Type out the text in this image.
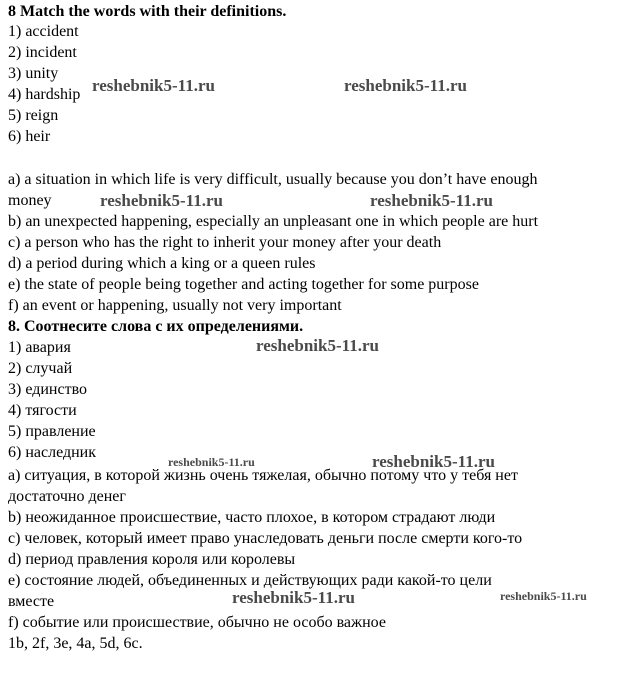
8 Match the words with their definitions.
1) accident
2) incident
3) unity
4) hardship
5) reign
6) heir
a) a situation in which life is very difficult, usually because you don’t have enough
money
b) an unexpected happening, especially an unpleasant one in which people are hurt
c) a person who has the right to inherit your money after your death
d) a period during which a king or a queen rules
e) the state of people being together and acting together for some purpose
f) an event or happening, usually not very important
8. Соотнесите слова с их определениями.
1) авария
2) случай
3) единство
4) тягости
5) правление
6) наследник
a) ситуация, в которой жизнь очень тяжелая, обычно потому что у тебя нет
достаточно денег
b) неожиданное происшествие, часто плохое, в котором страдают люди
c) человек, который имеет право унаследовать деньги после смерти кого-то
d) период правления короля или королевы
e) состояние людей, объединенных и действующих ради какой-то цели
вместе
f) событие или происшествие, обычно не особо важное
1b, 2f, 3e, 4a, 5d, 6c.
reshebnik5-11.ru	reshebnik5-11.ru
reshebnik5-11.ru	reshebnik5-11.ru
reshebnik5-11.ru
reshebnik5-11.ru	reshebnik5-11.ru
reshebnik5-11.ru	reshebnik5-11.ru
